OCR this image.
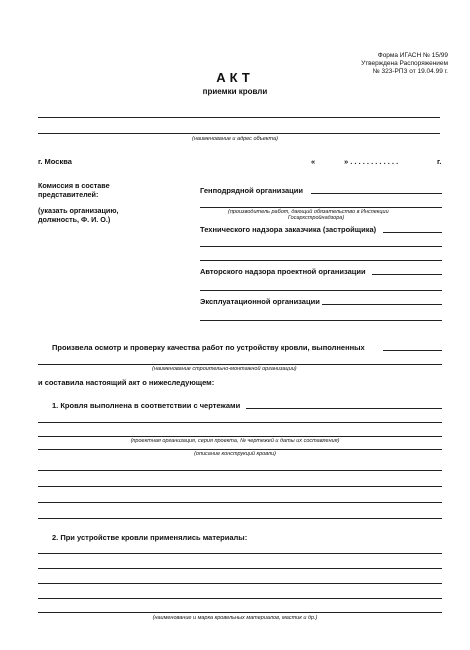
Форма ИГАСН № 15/99
Утверждена Распоряжением
№ 323-РПЗ от 19.04.99 г.
АКТ
приемки кровли
(наименование и адрес объекта)
г. Москва	«	» . . . . . . . . . . . .	г.
Комиссия в составе
представителей:
(указать организацию,
должность, Ф. И. О.)
Генподрядной организации
(производитель работ, дающий обязательство в Инспекции
Госархстройнадзора)
Технического надзора заказчика (застройщика)
Авторского надзора проектной организации
Эксплуатационной организации
Произвела осмотр и проверку качества работ по устройству кровли, выполненных
(наименование строительно-монтажной организации)
и составила настоящий акт о нижеследующем:
1. Кровля выполнена в соответствии с чертежами
(проектная организация, серия проекта, № чертежей и даты их составления)
(описание конструкций кровли)
2. При устройстве кровли применялись материалы:
(наименование и марка кровельных материалов, мастик и др.)
